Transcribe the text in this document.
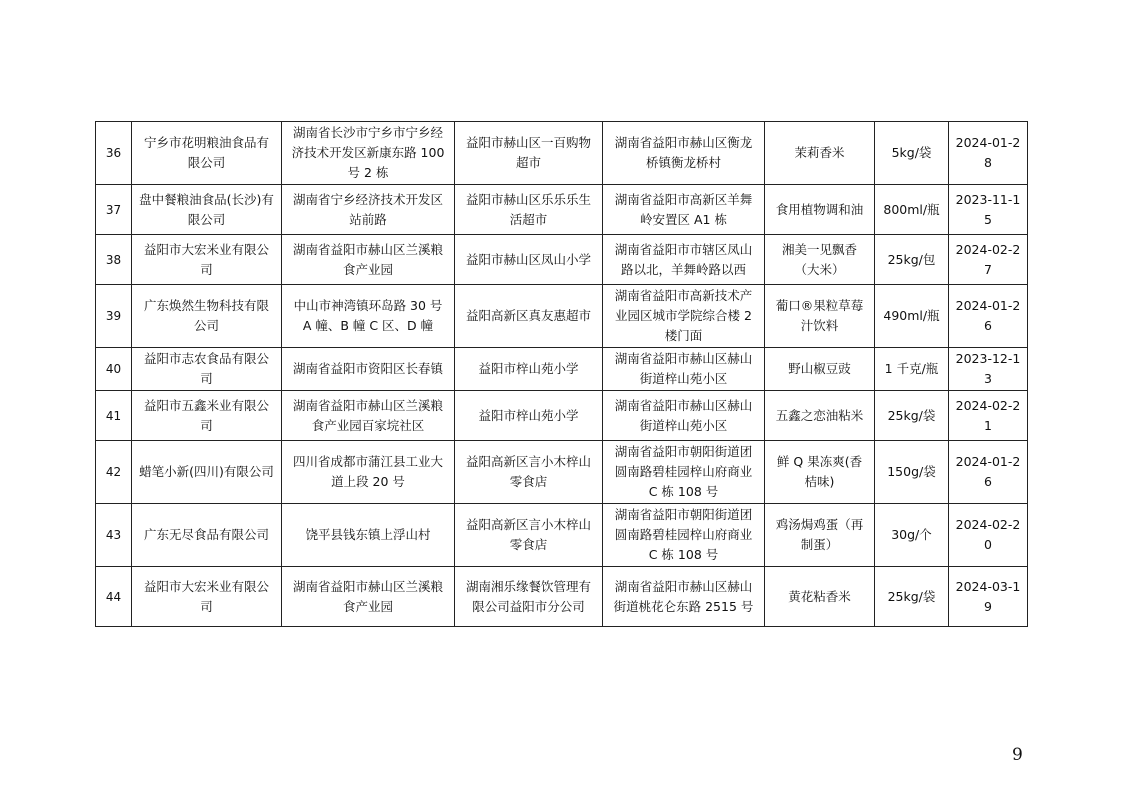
36	宁乡市花明粮油食品有限公司	湖南省长沙市宁乡市宁乡经济技术开发区新康东路 100 号 2 栋	益阳市赫山区一百购物超市	湖南省益阳市赫山区衡龙桥镇衡龙桥村	茉莉香米	5kg/袋	2024-01-28
37	盘中餐粮油食品(长沙)有限公司	湖南省宁乡经济技术开发区站前路	益阳市赫山区乐乐乐生活超市	湖南省益阳市高新区羊舞岭安置区 A1 栋	食用植物调和油	800ml/瓶	2023-11-15
38	益阳市大宏米业有限公司	湖南省益阳市赫山区兰溪粮食产业园	益阳市赫山区凤山小学	湖南省益阳市市辖区凤山路以北，羊舞岭路以西	湘美一见飘香（大米）	25kg/包	2024-02-27
39	广东焕然生物科技有限公司	中山市神湾镇环岛路 30 号 A 幢、B 幢 C 区、D 幢	益阳高新区真友惠超市	湖南省益阳市高新技术产业园区城市学院综合楼 2 楼门面	葡口®果粒草莓汁饮料	490ml/瓶	2024-01-26
40	益阳市志农食品有限公司	湖南省益阳市资阳区长春镇	益阳市梓山苑小学	湖南省益阳市赫山区赫山街道梓山苑小区	野山椒豆豉	1 千克/瓶	2023-12-13
41	益阳市五鑫米业有限公司	湖南省益阳市赫山区兰溪粮食产业园百家垸社区	益阳市梓山苑小学	湖南省益阳市赫山区赫山街道梓山苑小区	五鑫之恋油粘米	25kg/袋	2024-02-21
42	蜡笔小新(四川)有限公司	四川省成都市蒲江县工业大道上段 20 号	益阳高新区言小木梓山零食店	湖南省益阳市朝阳街道团圆南路碧桂园梓山府商业 C 栋 108 号	鲜 Q 果冻爽(香桔味)	150g/袋	2024-01-26
43	广东无尽食品有限公司	饶平县钱东镇上浮山村	益阳高新区言小木梓山零食店	湖南省益阳市朝阳街道团圆南路碧桂园梓山府商业 C 栋 108 号	鸡汤焗鸡蛋（再制蛋）	30g/个	2024-02-20
44	益阳市大宏米业有限公司	湖南省益阳市赫山区兰溪粮食产业园	湖南湘乐缘餐饮管理有限公司益阳市分公司	湖南省益阳市赫山区赫山街道桃花仑东路 2515 号	黄花粘香米	25kg/袋	2024-03-19
9
